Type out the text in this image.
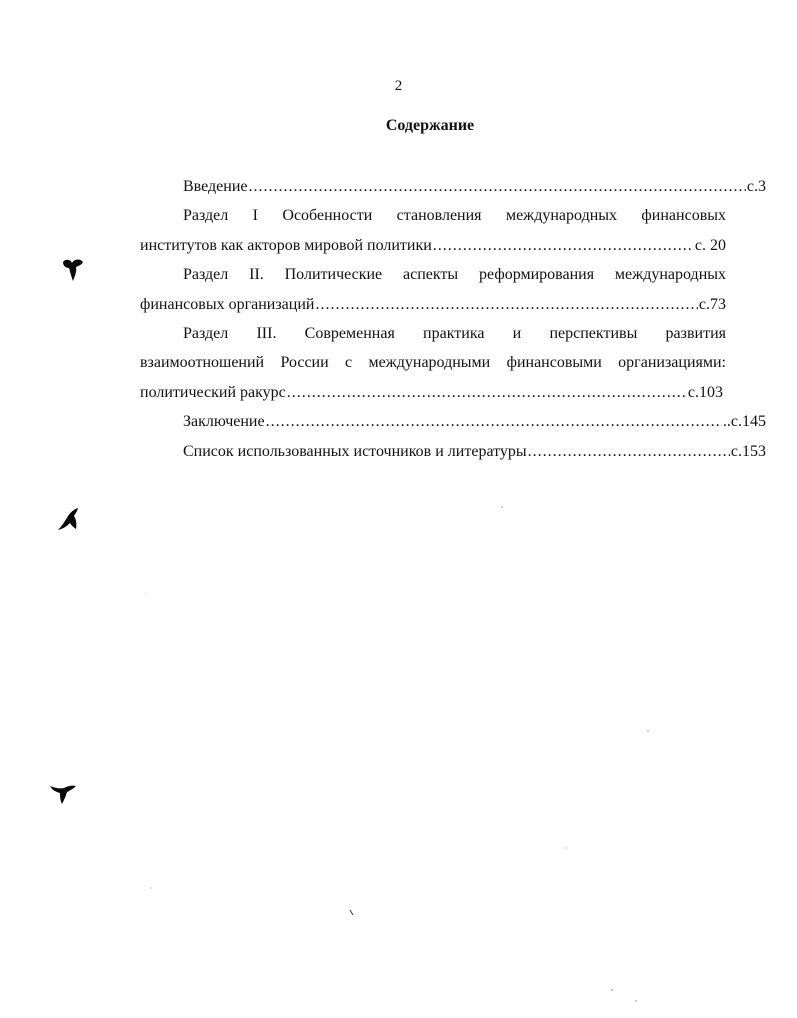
2
Содержание
Введение .....	с.3
Раздел I Особенности становления международных финансовых
институтов как акторов мировой политики .....	с. 20
Раздел II. Политические аспекты реформирования международных
финансовых организаций .....	с.73
Раздел III. Современная практика и перспективы развития
взаимоотношений России с международными финансовыми организациями:
политический ракурс .....	с.103
Заключение .....	..с.145
Список использованных источников и литературы .....	с.153
